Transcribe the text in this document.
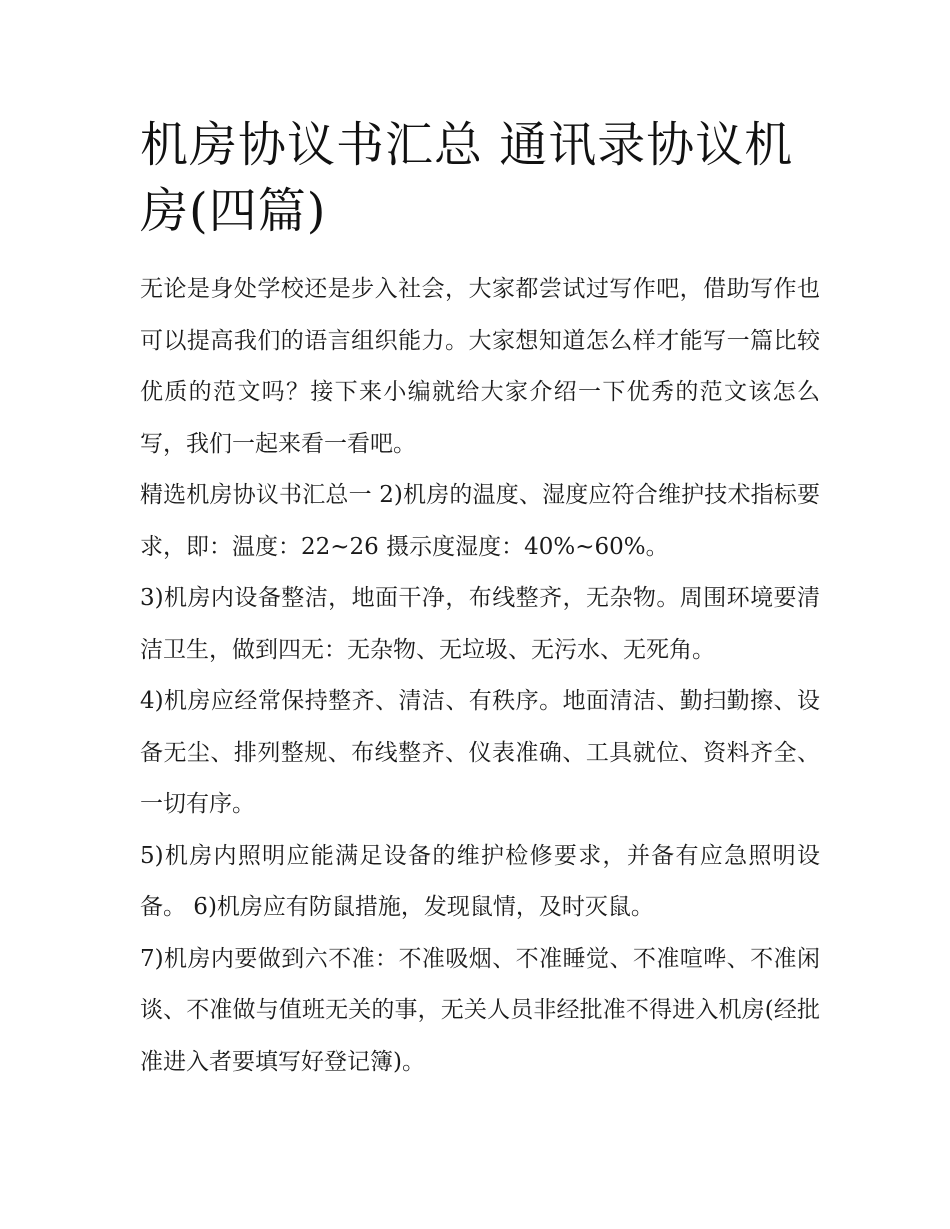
机房协议书汇总 通讯录协议机房(四篇)

无论是身处学校还是步入社会，大家都尝试过写作吧，借助写作也可以提高我们的语言组织能力。大家想知道怎么样才能写一篇比较优质的范文吗？接下来小编就给大家介绍一下优秀的范文该怎么写，我们一起来看一看吧。

精选机房协议书汇总一 2)机房的温度、湿度应符合维护技术指标要求，即：温度：22~26 摄示度湿度：40%~60%。

3)机房内设备整洁，地面干净，布线整齐，无杂物。周围环境要清洁卫生，做到四无：无杂物、无垃圾、无污水、无死角。

4)机房应经常保持整齐、清洁、有秩序。地面清洁、勤扫勤擦、设备无尘、排列整规、布线整齐、仪表准确、工具就位、资料齐全、一切有序。

5)机房内照明应能满足设备的维护检修要求，并备有应急照明设备。 6)机房应有防鼠措施，发现鼠情，及时灭鼠。

7)机房内要做到六不准：不准吸烟、不准睡觉、不准喧哗、不准闲谈、不准做与值班无关的事，无关人员非经批准不得进入机房(经批准进入者要填写好登记簿)。
